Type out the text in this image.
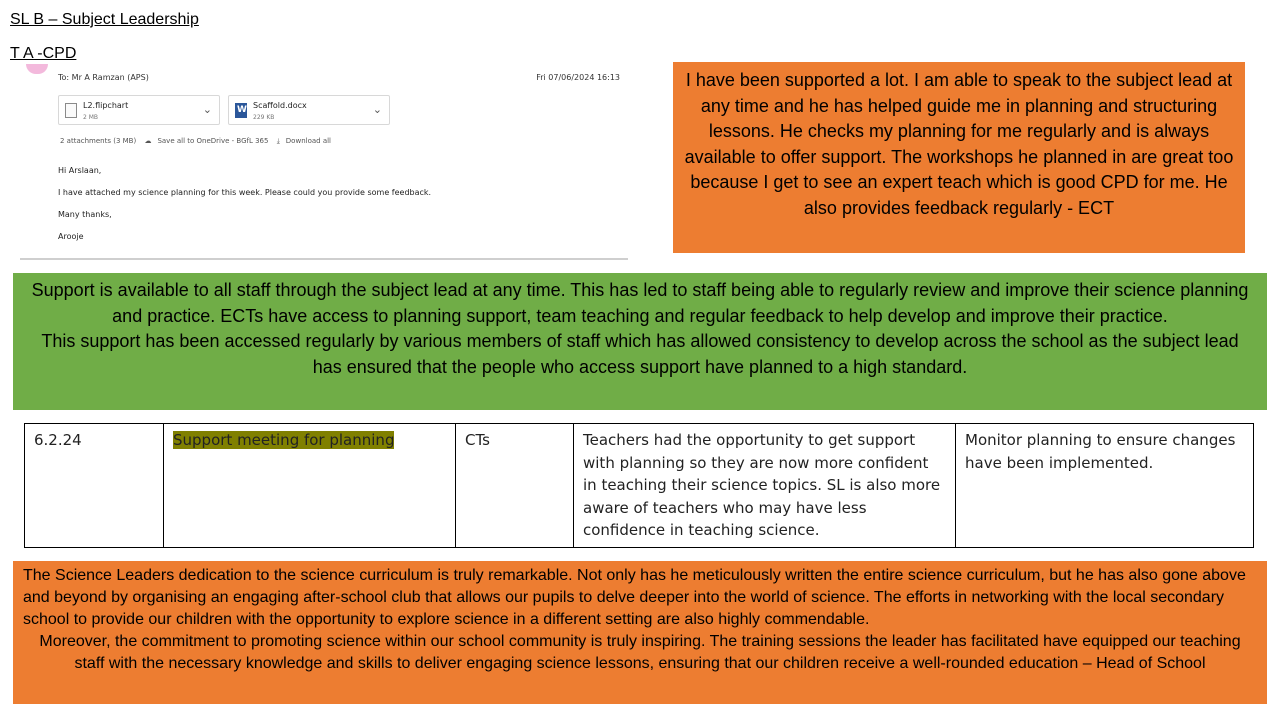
SL B – Subject Leadership
T A -CPD
To: Mr A Ramzan (APS)	Fri 07/06/2024 16:13
L2.flipchart
2 MB
⌄
W	Scaffold.docx
229 KB
⌄
2 attachments (3 MB) ☁ Save all to OneDrive - BGfL 365 ⤓ Download all
Hi Arslaan,
I have attached my science planning for this week. Please could you provide some feedback.
Many thanks,
Arooje
I have been supported a lot. I am able to speak to the subject lead at any time and he has helped guide me in planning and structuring lessons. He checks my planning for me regularly and is always available to offer support. The workshops he planned in are great too because I get to see an expert teach which is good CPD for me. He also provides feedback regularly - ECT
Support is available to all staff through the subject lead at any time. This has led to staff being able to regularly review and improve their science planning and practice. ECTs have access to planning support, team teaching and regular feedback to help develop and improve their practice.
This support has been accessed regularly by various members of staff which has allowed consistency to develop across the school as the subject lead has ensured that the people who access support have planned to a high standard.
6.2.24	Support meeting for planning	CTs	Teachers had the opportunity to get support with planning so they are now more confident in teaching their science topics. SL is also more aware of teachers who may have less confidence in teaching science.	Monitor planning to ensure changes have been implemented.
The Science Leaders dedication to the science curriculum is truly remarkable. Not only has he meticulously written the entire science curriculum, but he has also gone above and beyond by organising an engaging after-school club that allows our pupils to delve deeper into the world of science. The efforts in networking with the local secondary school to provide our children with the opportunity to explore science in a different setting are also highly commendable.
Moreover, the commitment to promoting science within our school community is truly inspiring. The training sessions the leader has facilitated have equipped our teaching staff with the necessary knowledge and skills to deliver engaging science lessons, ensuring that our children receive a well-rounded education – Head of School
